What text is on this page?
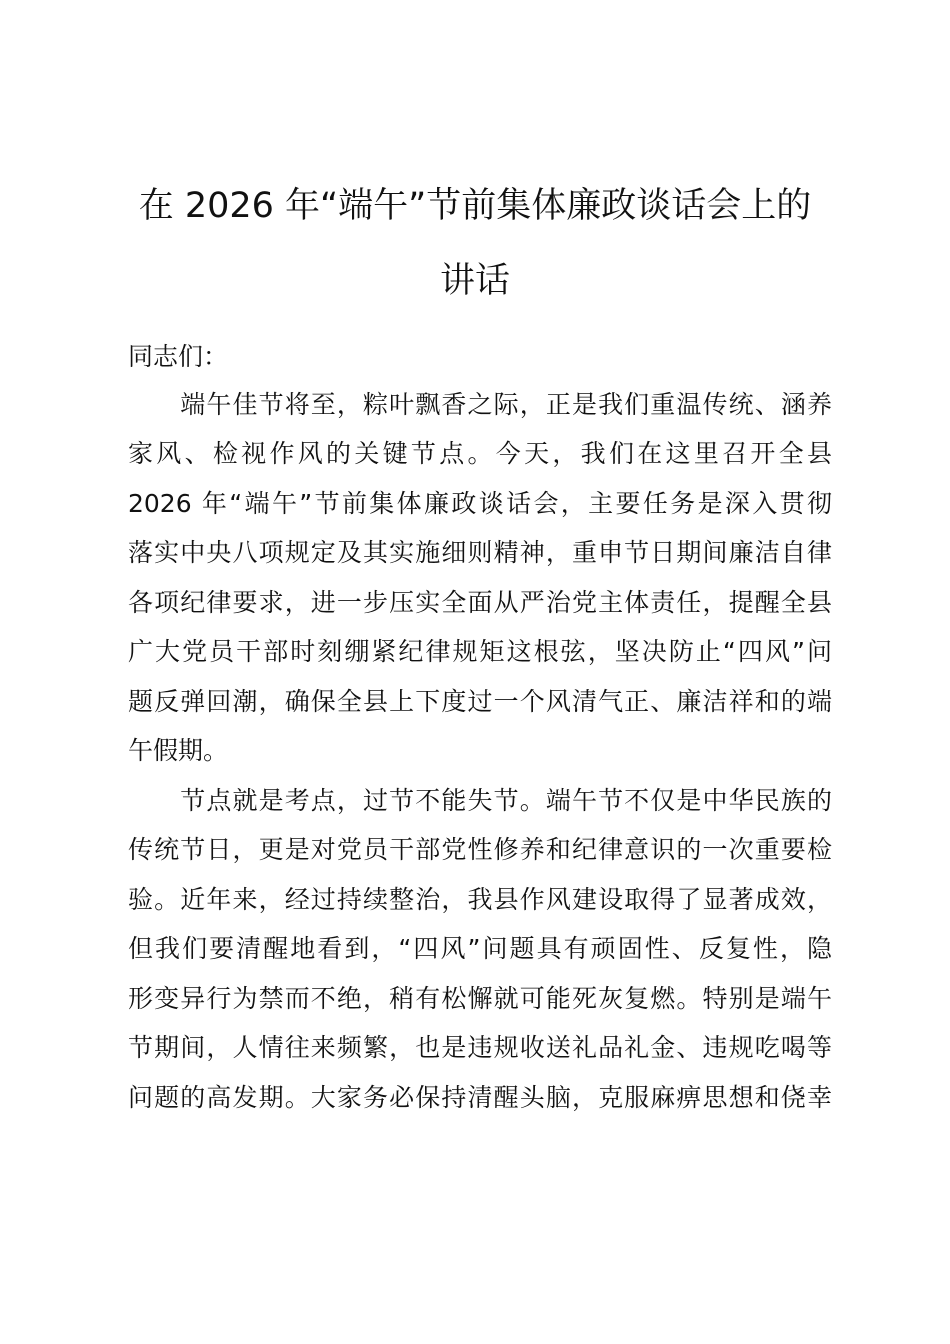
在 2026 年“端午”节前集体廉政谈话会上的
讲话

同志们：

　　端午佳节将至，粽叶飘香之际，正是我们重温传统、涵养

家风、检视作风的关键节点。今天，我们在这里召开全县

2026 年“端午”节前集体廉政谈话会，主要任务是深入贯彻

落实中央八项规定及其实施细则精神，重申节日期间廉洁自律

各项纪律要求，进一步压实全面从严治党主体责任，提醒全县

广大党员干部时刻绷紧纪律规矩这根弦，坚决防止“四风”问

题反弹回潮，确保全县上下度过一个风清气正、廉洁祥和的端

午假期。

　　节点就是考点，过节不能失节。端午节不仅是中华民族的

传统节日，更是对党员干部党性修养和纪律意识的一次重要检

验。近年来，经过持续整治，我县作风建设取得了显著成效，

但我们要清醒地看到，“四风”问题具有顽固性、反复性，隐

形变异行为禁而不绝，稍有松懈就可能死灰复燃。特别是端午

节期间，人情往来频繁，也是违规收送礼品礼金、违规吃喝等

问题的高发期。大家务必保持清醒头脑，克服麻痹思想和侥幸
